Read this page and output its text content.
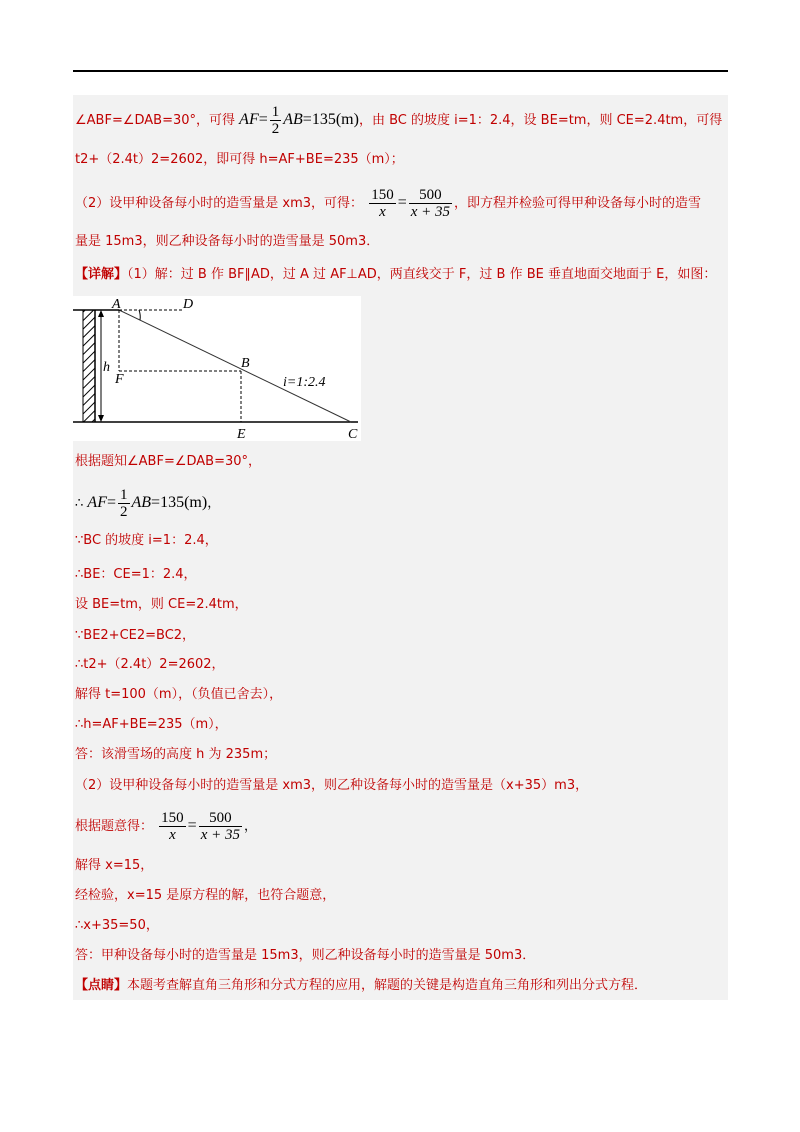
∠ABF=∠DAB=30°，可得 $AF= \frac{1}{2} AB=135(m)$，由 BC 的坡度 i=1：2.4，设 BE=tm，则 CE=2.4tm，可得
t2+（2.4t）2=2602，即可得 h=AF+BE=235（m）；
（2）设甲种设备每小时的造雪量是 xm3，可得： $\frac{150}{x} = \frac{500}{x + 35}$ ，即方程并检验可得甲种设备每小时的造雪
量是 15m3，则乙种设备每小时的造雪量是 50m3．
【详解】（1）解：过 B 作 BF∥AD，过 A 过 AF⊥AD，两直线交于 F，过 B 作 BE 垂直地面交地面于 E，如图：
A	D
B
F
h
E	C
i=1:2.4
根据题知∠ABF=∠DAB=30°，
∴ $AF= \frac{1}{2} AB=135(m)$，
∵BC 的坡度 i=1：2.4，
∴BE：CE=1：2.4，
设 BE=tm，则 CE=2.4tm，
∵BE2+CE2=BC2，
∴t2+（2.4t）2=2602，
解得 t=100（m），（负值已舍去），
∴h=AF+BE=235（m），
答：该滑雪场的高度 h 为 235m；
（2）设甲种设备每小时的造雪量是 xm3，则乙种设备每小时的造雪量是（x+35）m3，
根据题意得： $\frac{150}{x} = \frac{500}{x + 35}$ ，
解得 x=15，
经检验，x=15 是原方程的解，也符合题意，
∴x+35=50，
答：甲种设备每小时的造雪量是 15m3，则乙种设备每小时的造雪量是 50m3．
【点睛】本题考查解直角三角形和分式方程的应用，解题的关键是构造直角三角形和列出分式方程．
